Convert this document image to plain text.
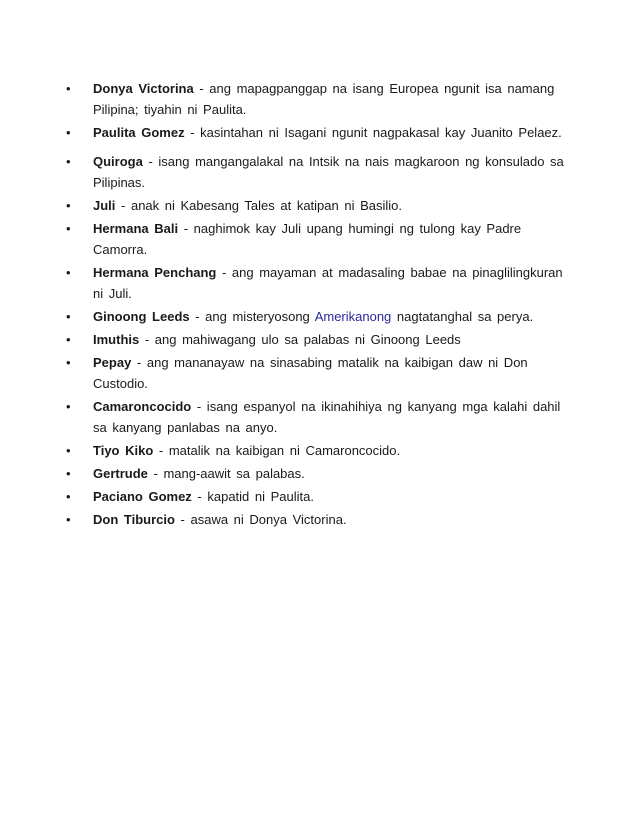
•	Donya Victorina - ang mapagpanggap na isang Europea ngunit isa namang Pilipina; tiyahin ni Paulita.
•	Paulita Gomez - kasintahan ni Isagani ngunit nagpakasal kay Juanito Pelaez.
•	Quiroga - isang mangangalakal na Intsik na nais magkaroon ng konsulado sa Pilipinas.
•	Juli - anak ni Kabesang Tales at katipan ni Basilio.
•	Hermana Bali - naghimok kay Juli upang humingi ng tulong kay Padre Camorra.
•	Hermana Penchang - ang mayaman at madasaling babae na pinaglilingkuran ni Juli.
•	Ginoong Leeds - ang misteryosong Amerikanong nagtatanghal sa perya.
•	Imuthis - ang mahiwagang ulo sa palabas ni Ginoong Leeds
•	Pepay - ang mananayaw na sinasabing matalik na kaibigan daw ni Don Custodio.
•	Camaroncocido - isang espanyol na ikinahihiya ng kanyang mga kalahi dahil sa kanyang panlabas na anyo.
•	Tiyo Kiko - matalik na kaibigan ni Camaroncocido.
•	Gertrude - mang-aawit sa palabas.
•	Paciano Gomez - kapatid ni Paulita.
•	Don Tiburcio - asawa ni Donya Victorina.
